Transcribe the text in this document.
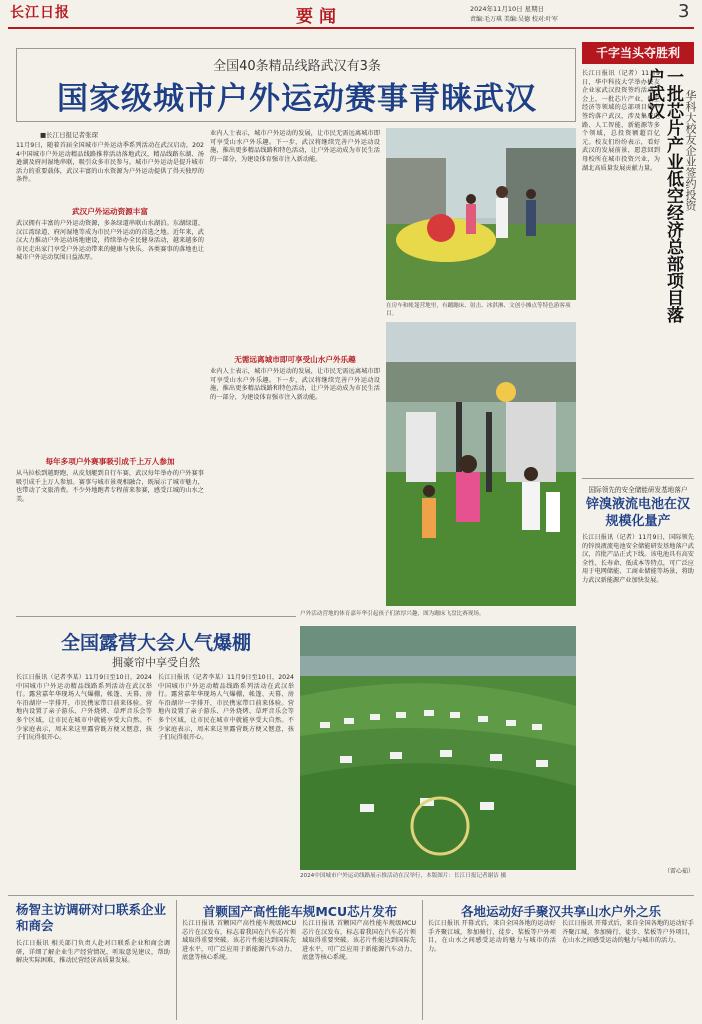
长江日报	要闻	2024年11月10日 星期日
责编:毛万琪 美编:吴德 校对:叶军	3
全国40条精品线路武汉有3条
国家级城市户外运动赛事青睐武汉
■长江日报记者张琛
11月9日，随着首届全国城市户外运动季系列活动在武汉启动，2024中国城市户外运动精品线路推荐活动落地武汉，精品线路东湖、汤逊湖及府河湿地串联，吸引众多市民参与。城市户外运动是提升城市活力的重要载体，武汉丰富的山水资源为户外运动提供了得天独厚的条件。
武汉户外运动资源丰富
武汉拥有丰富的户外运动资源，多条绿道串联山水湖泊。东湖绿道、汉江湾绿道、府河湿地等成为市民户外运动的首选之地。近年来，武汉大力推动户外运动场地建设，持续举办全民健身活动，越来越多的市民走出家门享受户外运动带来的健康与快乐。各类赛事的落地也让城市户外运动氛围日益浓厚。
每年多项户外赛事吸引成千上万人参加
从马拉松到越野跑，从皮划艇到自行车赛，武汉每年举办的户外赛事吸引成千上万人参加。赛事与城市景观相融合，既展示了城市魅力，也带动了文旅消费。不少外地跑者专程前来参赛，感受江城的山水之美。
业内人士表示，城市户外运动的发展，让市民无需远离城市即可享受山水户外乐趣。下一步，武汉将继续完善户外运动设施，推出更多精品线路和特色活动，让户外运动成为市民生活的一部分，为建设体育强市注入新动能。
无需远离城市即可享受山水户外乐趣
业内人士表示，城市户外运动的发展，让市民无需远离城市即可享受山水户外乐趣。下一步，武汉将继续完善户外运动设施，推出更多精品线路和特色活动，让户外运动成为市民生活的一部分，为建设体育强市注入新动能。
在房车和帐篷营地里，有蹦蹦床、射击、冰淇淋、文创小摊点等特色游客项目。
户外活动营地的体育嘉年华引起孩子们浓厚兴趣，图为蹦床飞盘比赛现场。
全国露营大会人气爆棚
拥豪帘中享受自然
长江日报讯（记者李某）11月9日至10日，2024中国城市户外运动精品线路系列活动在武汉举行。露营嘉年华现场人气爆棚，帐篷、天幕、房车沿湖岸一字排开，市民携家带口前来体验。营地内设置了亲子游乐、户外烧烤、草坪音乐会等多个区域，让市民在城市中就能享受大自然。不少家庭表示，周末来这里露营既方便又惬意，孩子们玩得很开心。
长江日报讯（记者李某）11月9日至10日，2024中国城市户外运动精品线路系列活动在武汉举行。露营嘉年华现场人气爆棚，帐篷、天幕、房车沿湖岸一字排开，市民携家带口前来体验。营地内设置了亲子游乐、户外烧烤、草坪音乐会等多个区域，让市民在城市中就能享受大自然。不少家庭表示，周末来这里露营既方便又惬意，孩子们玩得很开心。
2024中国城市户外运动线路展示推活动在汉举行，本版图片：长江日报记者谢洁 摄
千字当头夺胜利
长江日报讯（记者）11月9日，华中科技大学举办校友企业家武汉投资签约活动。会上，一批芯片产业、低空经济等领域的总部项目集中签约落户武汉，涉及集成电路、人工智能、新能源等多个领域，总投资额超百亿元。校友们纷纷表示，看好武汉的发展前景，愿意回到母校所在城市投资兴业，为湖北高质量发展贡献力量。 一批芯片产业低空经济总部项目落户武汉	华科大校友企业签约投资
国际领先的安全储能研发基地落户
锌溴液流电池在汉规模化量产
长江日报讯（记者）11月9日，国际领先的锌溴液流电池安全储能研发基地落户武汉，首批产品正式下线。该电池具有高安全性、长寿命、低成本等特点，可广泛应用于电网储能、工商业储能等场景，将助力武汉新能源产业加快发展。
（雷心茹）
杨智主访调研对口联系企业和商会
长江日报讯 相关部门负责人赴对口联系企业和商会调研，详细了解企业生产经营情况，听取意见建议，帮助解决实际困难，推动民营经济高质量发展。
首颗国产高性能车规MCU芯片发布
长江日报讯 首颗国产高性能车规级MCU芯片在汉发布，标志着我国在汽车芯片领域取得重要突破。该芯片性能达到国际先进水平，可广泛应用于新能源汽车动力、底盘等核心系统。
长江日报讯 首颗国产高性能车规级MCU芯片在汉发布，标志着我国在汽车芯片领域取得重要突破。该芯片性能达到国际先进水平，可广泛应用于新能源汽车动力、底盘等核心系统。
各地运动好手聚汉共享山水户外之乐
长江日报讯 开幕式后，来自全国各地的运动好手齐聚江城，参加骑行、徒步、桨板等户外项目，在山水之间感受运动的魅力与城市的活力。
长江日报讯 开幕式后，来自全国各地的运动好手齐聚江城，参加骑行、徒步、桨板等户外项目，在山水之间感受运动的魅力与城市的活力。
